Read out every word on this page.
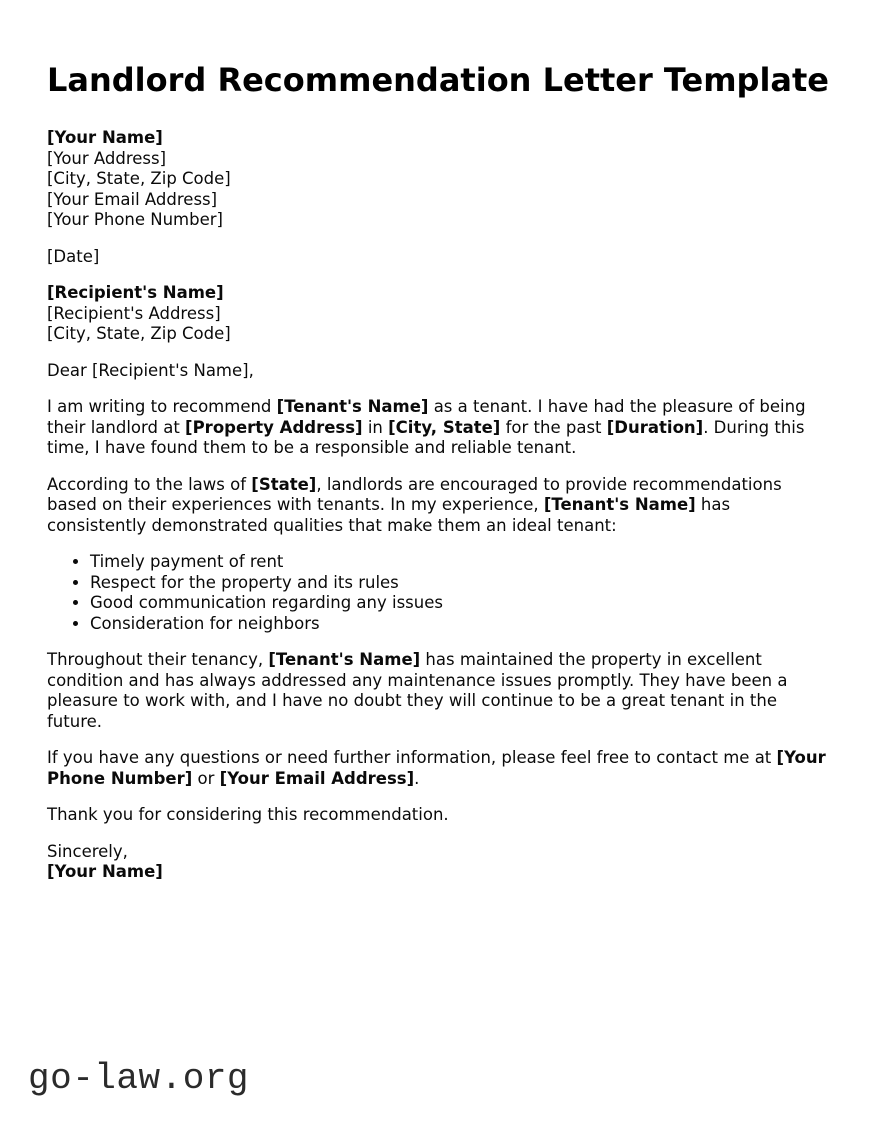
Landlord Recommendation Letter Template

[Your Name]

[Your Address]

[City, State, Zip Code]

[Your Email Address]

[Your Phone Number]

[Date]

[Recipient's Name]

[Recipient's Address]

[City, State, Zip Code]

Dear [Recipient's Name],

I am writing to recommend [Tenant's Name] as a tenant. I have had the pleasure of being their landlord at [Property Address] in [City, State] for the past [Duration]. During this time, I have found them to be a responsible and reliable tenant.

According to the laws of [State], landlords are encouraged to provide recommendations based on their experiences with tenants. In my experience, [Tenant's Name] has consistently demonstrated qualities that make them an ideal tenant:

• Timely payment of rent
• Respect for the property and its rules
• Good communication regarding any issues
• Consideration for neighbors

Throughout their tenancy, [Tenant's Name] has maintained the property in excellent condition and has always addressed any maintenance issues promptly. They have been a pleasure to work with, and I have no doubt they will continue to be a great tenant in the future.

If you have any questions or need further information, please feel free to contact me at [Your Phone Number] or [Your Email Address].

Thank you for considering this recommendation.

Sincerely,

[Your Name]

go-law.org
